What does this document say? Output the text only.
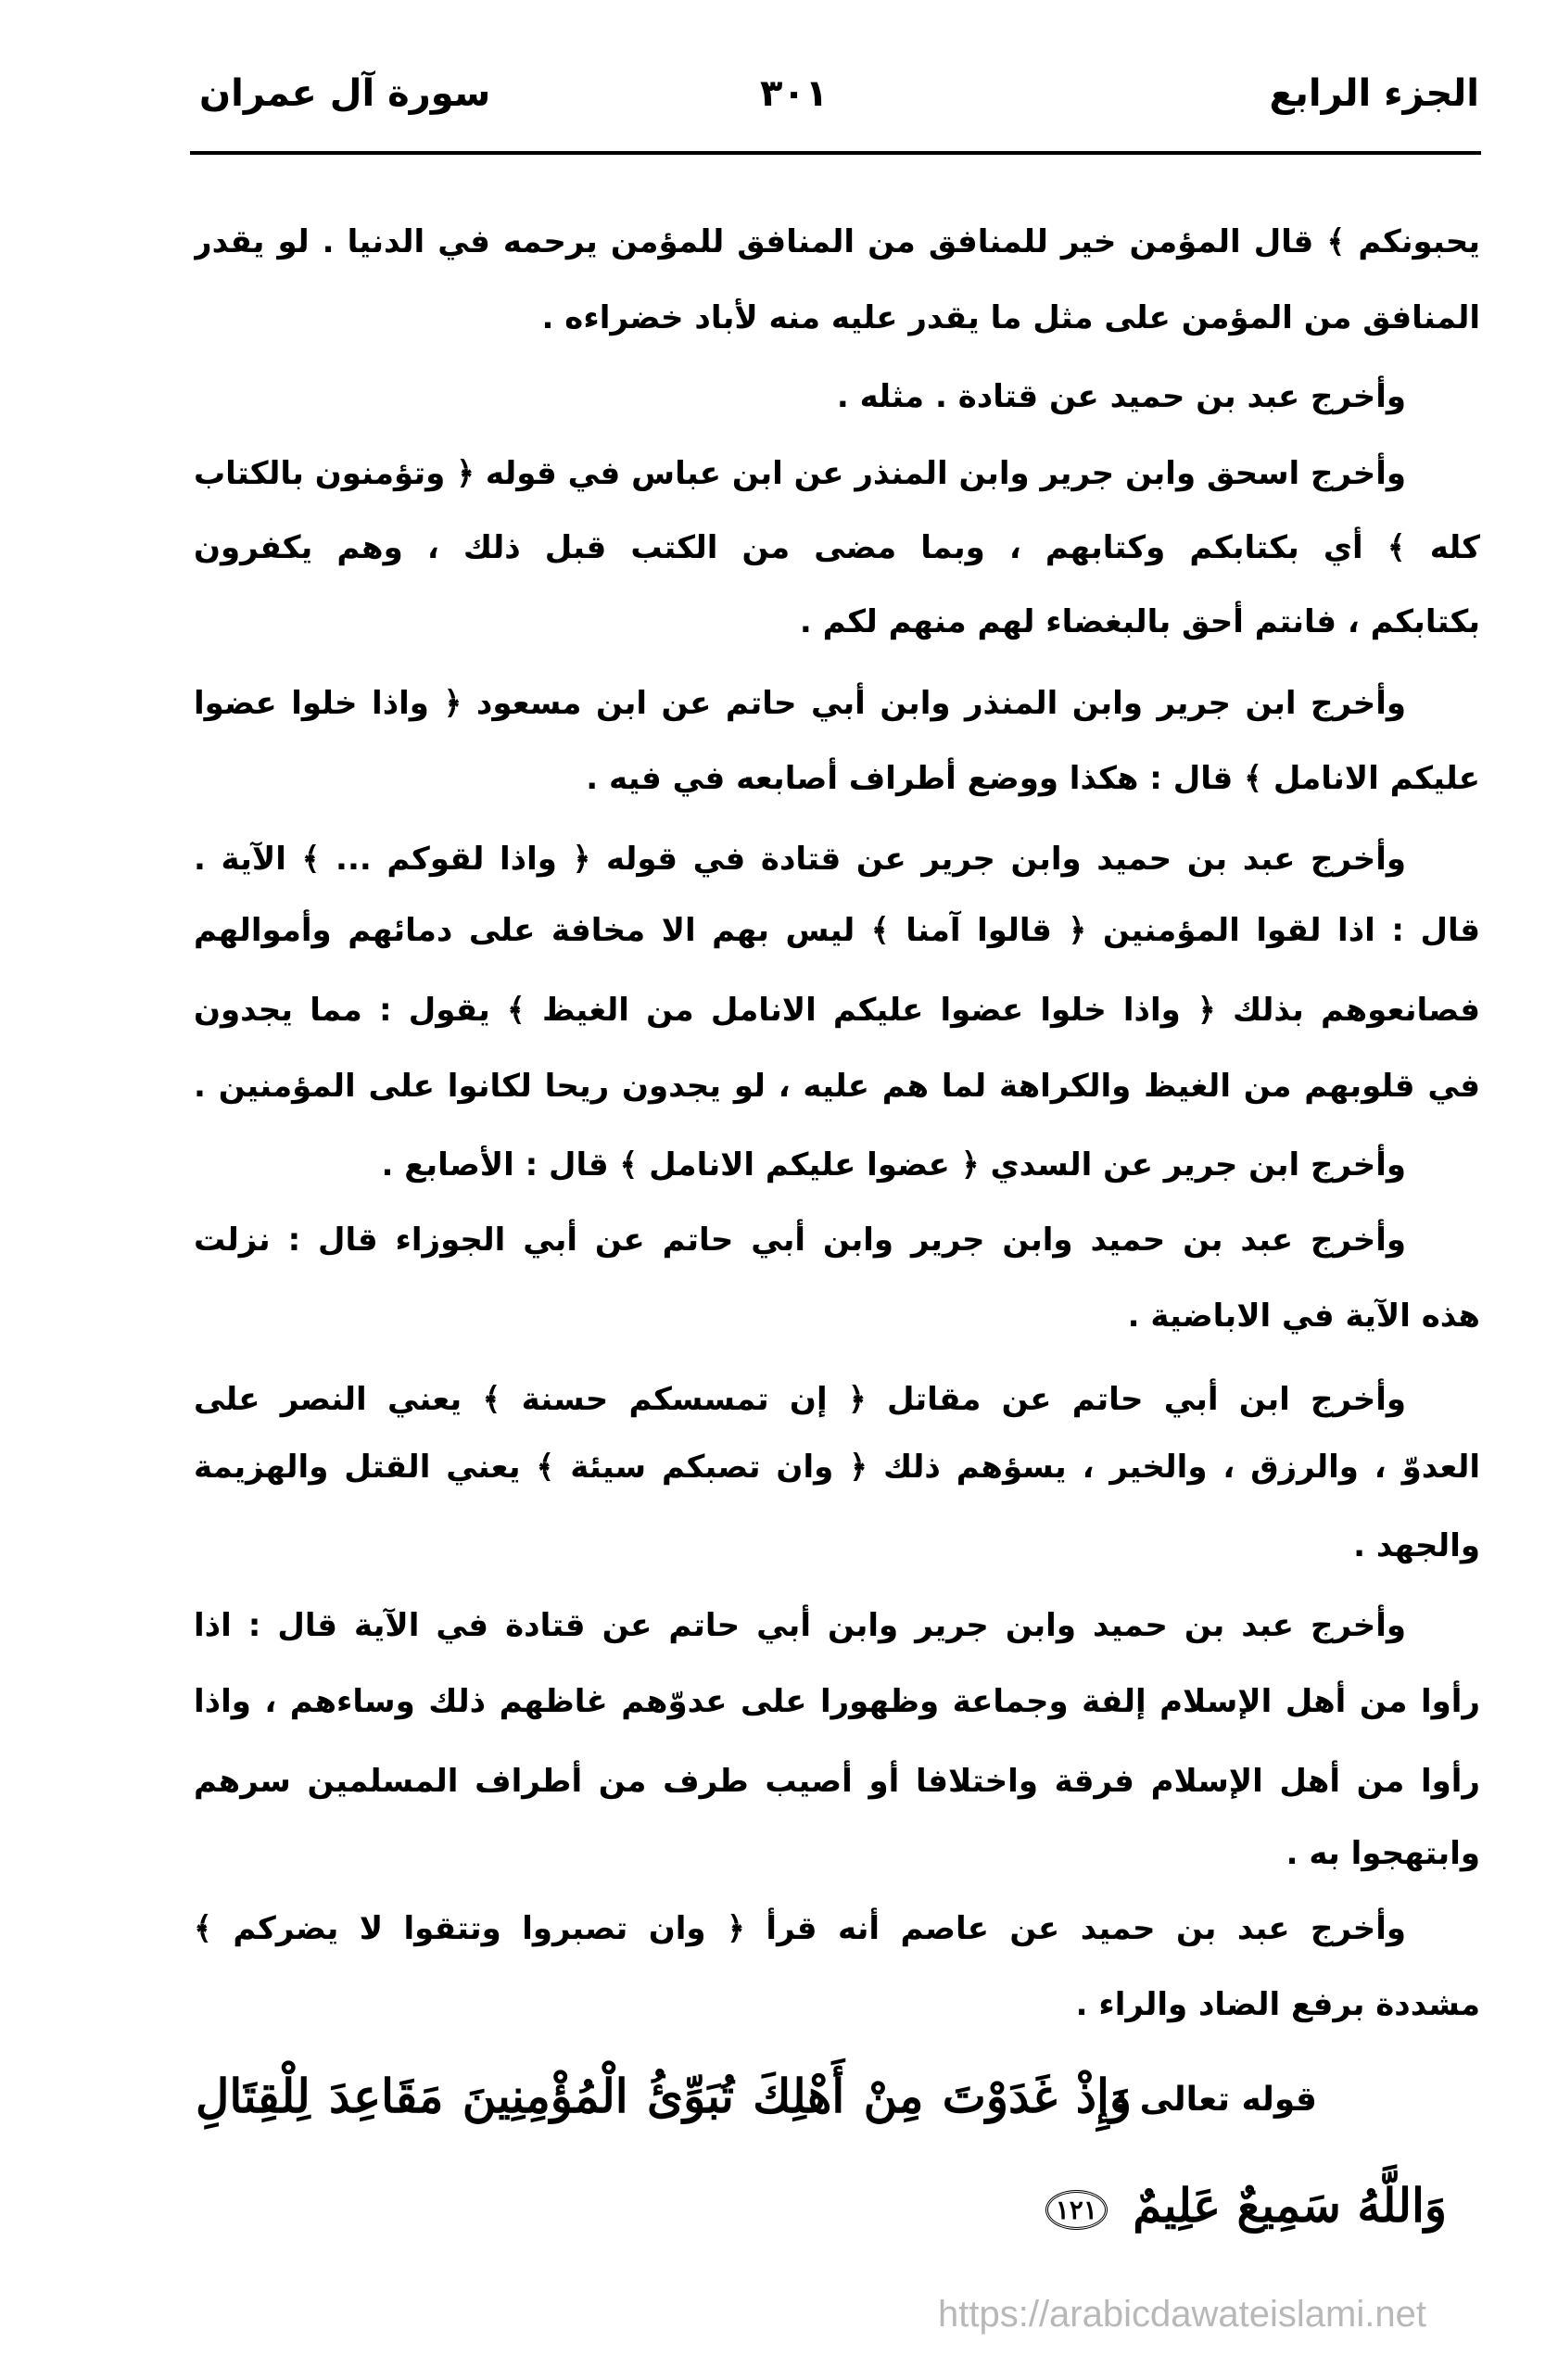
الجزء الرابع
٣٠١
سورة آل عمران
يحبونكم ﴾ قال المؤمن خير للمنافق من المنافق للمؤمن يرحمه في الدنيا . لو يقدر
المنافق من المؤمن على مثل ما يقدر عليه منه لأباد خضراءه .
وأخرج عبد بن حميد عن قتادة . مثله .
وأخرج اسحق وابن جرير وابن المنذر عن ابن عباس في قوله ﴿ وتؤمنون بالكتاب
كله ﴾ أي بكتابكم وكتابهم ، وبما مضى من الكتب قبل ذلك ، وهم يكفرون
بكتابكم ، فانتم أحق بالبغضاء لهم منهم لكم .
وأخرج ابن جرير وابن المنذر وابن أبي حاتم عن ابن مسعود ﴿ واذا خلوا عضوا
عليكم الانامل ﴾ قال : هكذا ووضع أطراف أصابعه في فيه .
وأخرج عبد بن حميد وابن جرير عن قتادة في قوله ﴿ واذا لقوكم ... ﴾ الآية .
قال : اذا لقوا المؤمنين ﴿ قالوا آمنا ﴾ ليس بهم الا مخافة على دمائهم وأموالهم
فصانعوهم بذلك ﴿ واذا خلوا عضوا عليكم الانامل من الغيظ ﴾ يقول : مما يجدون
في قلوبهم من الغيظ والكراهة لما هم عليه ، لو يجدون ريحا لكانوا على المؤمنين .
وأخرج ابن جرير عن السدي ﴿ عضوا عليكم الانامل ﴾ قال : الأصابع .
وأخرج عبد بن حميد وابن جرير وابن أبي حاتم عن أبي الجوزاء قال : نزلت
هذه الآية في الاباضية .
وأخرج ابن أبي حاتم عن مقاتل ﴿ إن تمسسكم حسنة ﴾ يعني النصر على
العدوّ ، والرزق ، والخير ، يسؤهم ذلك ﴿ وان تصبكم سيئة ﴾ يعني القتل والهزيمة
والجهد .
وأخرج عبد بن حميد وابن جرير وابن أبي حاتم عن قتادة في الآية قال : اذا
رأوا من أهل الإسلام إلفة وجماعة وظهورا على عدوّهم غاظهم ذلك وساءهم ، واذا
رأوا من أهل الإسلام فرقة واختلافا أو أصيب طرف من أطراف المسلمين سرهم
وابتهجوا به .
وأخرج عبد بن حميد عن عاصم أنه قرأ ﴿ وان تصبروا وتتقوا لا يضركم ﴾
مشددة برفع الضاد والراء .
قوله تعالى :
وَإِذْ غَدَوْتَ مِنْ أَهْلِكَ تُبَوِّئُ الْمُؤْمِنِينَ مَقَاعِدَ لِلْقِتَالِ
وَاللَّهُ سَمِيعٌ عَلِيمٌ ١٢١
https://arabicdawateislami.net
